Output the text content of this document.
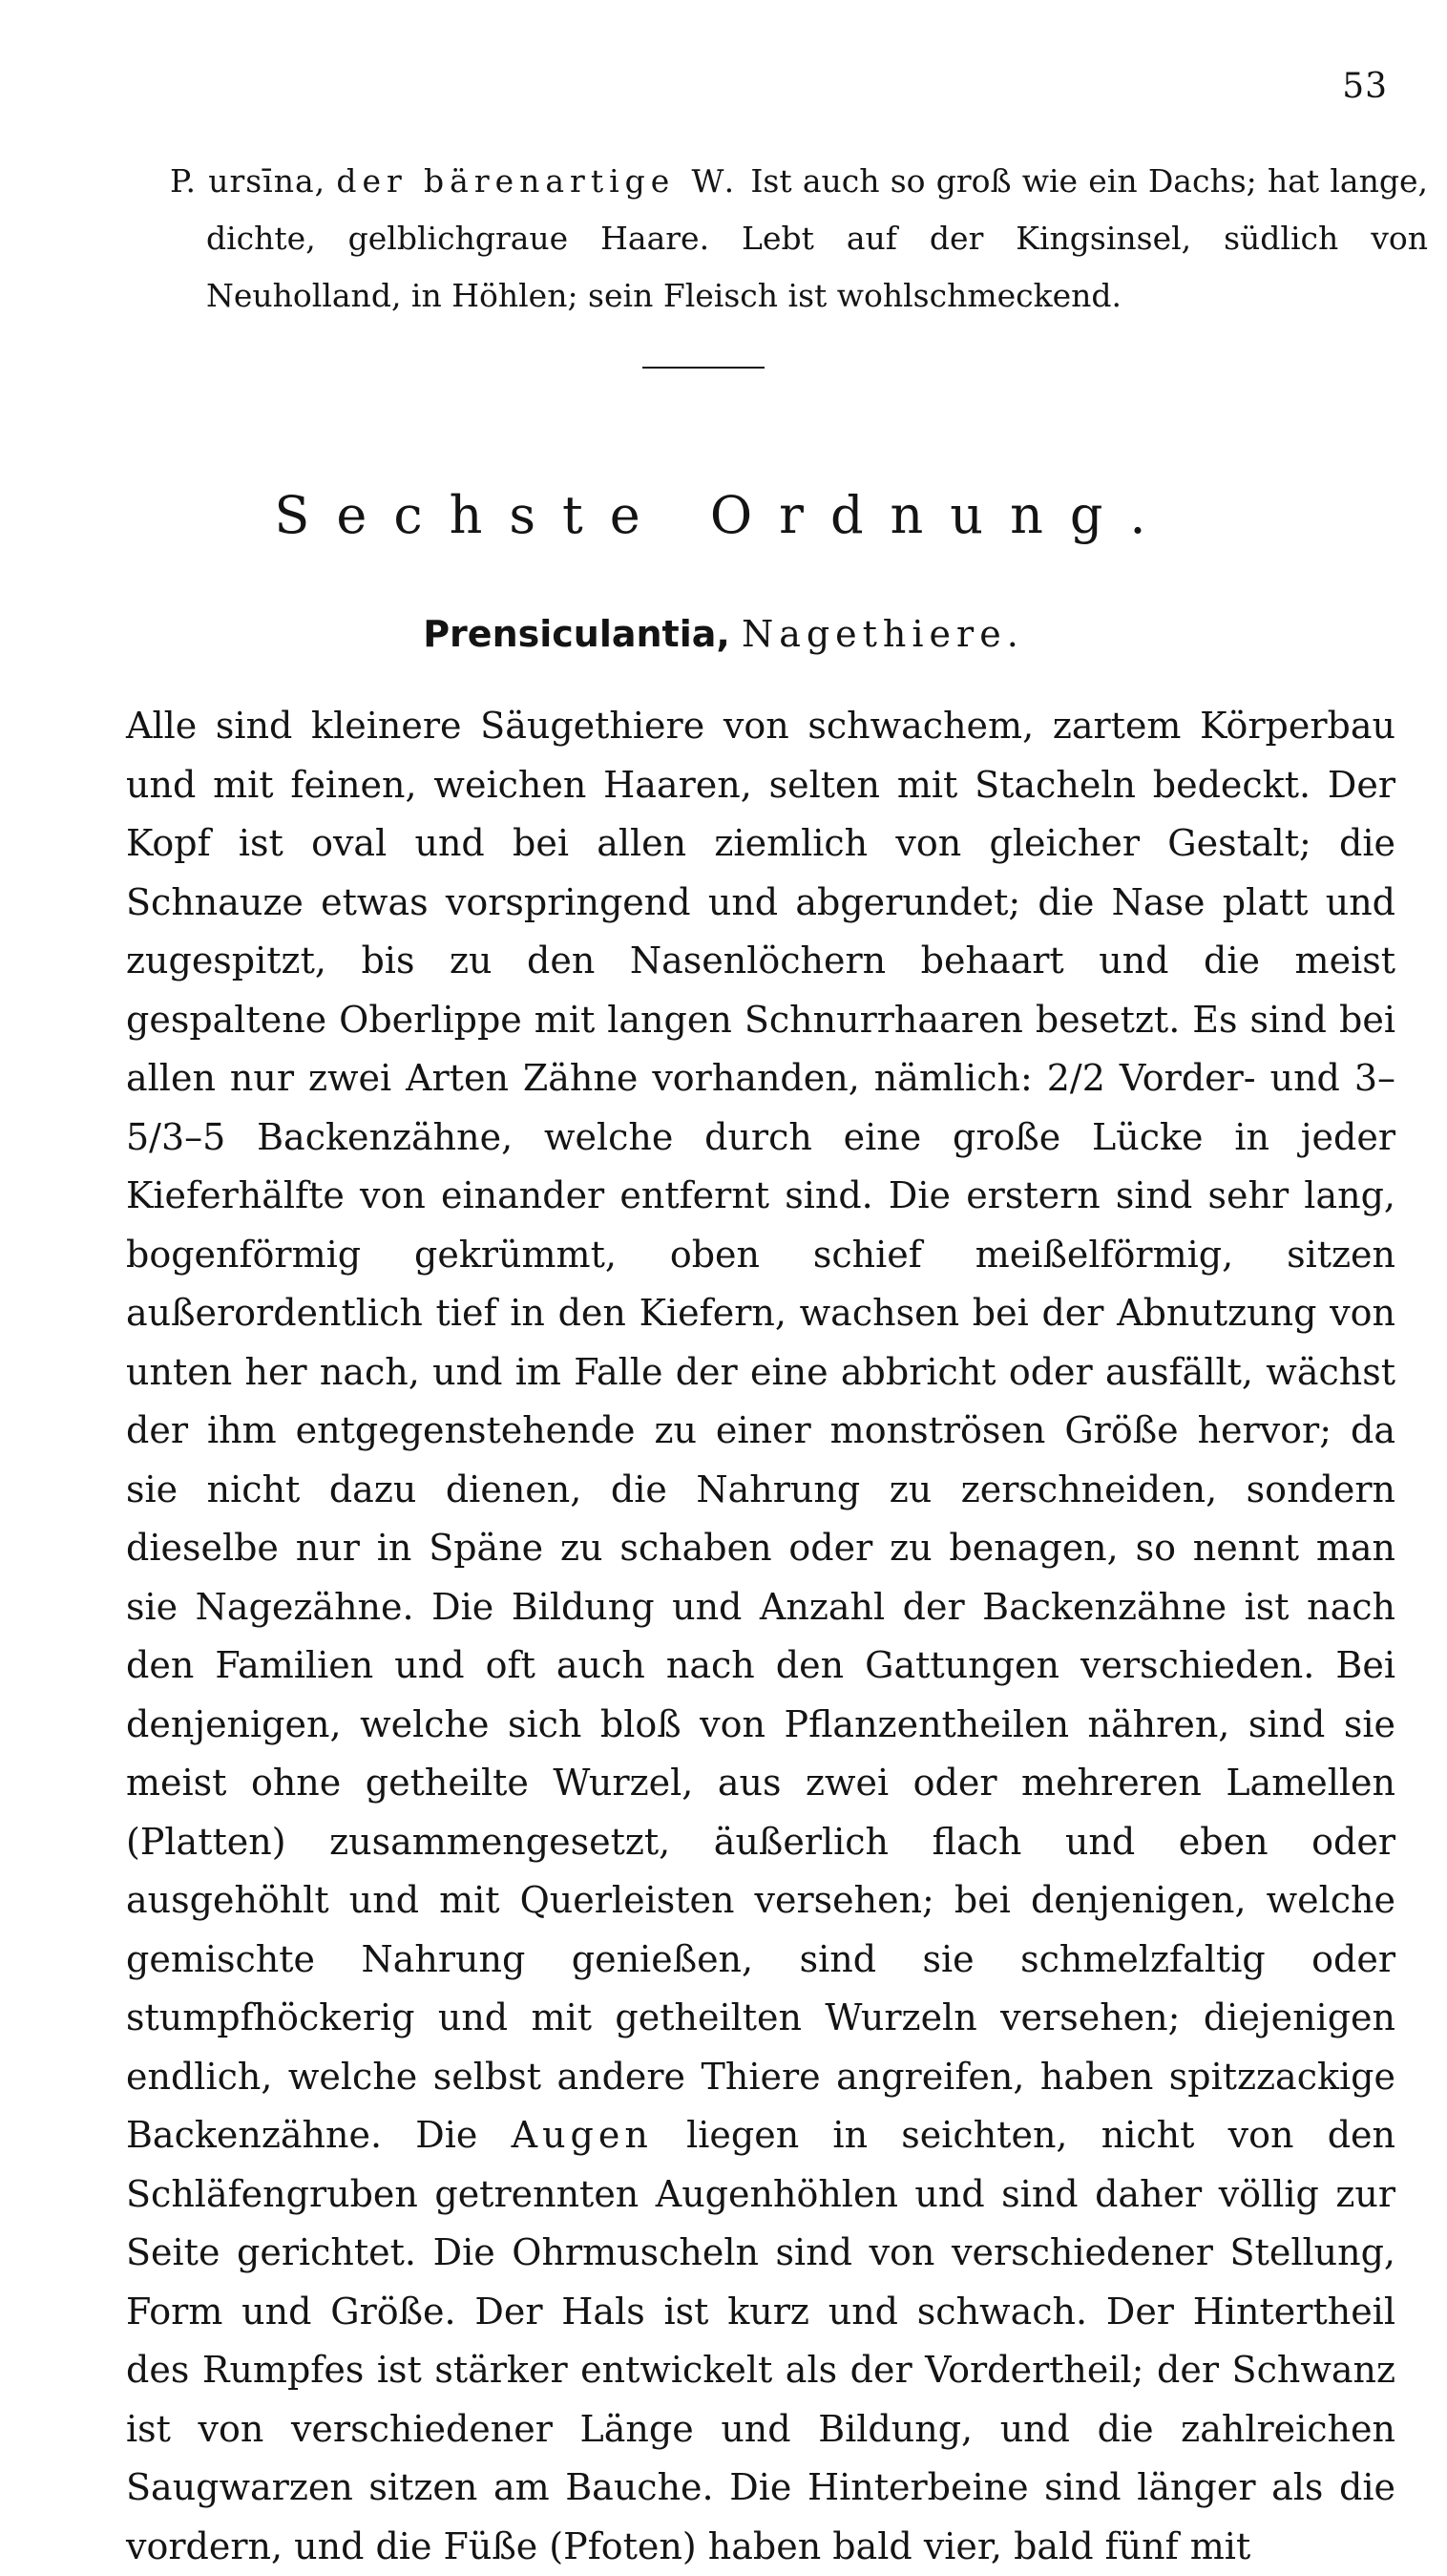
53

P. ursīna, der bärenartige W. Ist auch so groß wie ein Dachs; hat lange, dichte, gelblichgraue Haare. Lebt auf der Kingsinsel, südlich von Neuholland, in Höhlen; sein Fleisch ist wohlschmeckend.

Sechste Ordnung.
Prensiculantia, Nagethiere.

Alle sind kleinere Säugethiere von schwachem, zartem Körperbau und mit feinen, weichen Haaren, selten mit Stacheln bedeckt. Der Kopf ist oval und bei allen ziemlich von gleicher Gestalt; die Schnauze etwas vorspringend und abgerundet; die Nase platt und zugespitzt, bis zu den Nasenlöchern behaart und die meist gespaltene Oberlippe mit langen Schnurrhaaren besetzt. Es sind bei allen nur zwei Arten Zähne vorhanden, nämlich: 2/2 Vorder- und 3–5/3–5 Backenzähne, welche durch eine große Lücke in jeder Kieferhälfte von einander entfernt sind. Die erstern sind sehr lang, bogenförmig gekrümmt, oben schief meißelförmig, sitzen außerordentlich tief in den Kiefern, wachsen bei der Abnutzung von unten her nach, und im Falle der eine abbricht oder ausfällt, wächst der ihm entgegenstehende zu einer monströsen Größe hervor; da sie nicht dazu dienen, die Nahrung zu zerschneiden, sondern dieselbe nur in Späne zu schaben oder zu benagen, so nennt man sie Nagezähne. Die Bildung und Anzahl der Backenzähne ist nach den Familien und oft auch nach den Gattungen verschieden. Bei denjenigen, welche sich bloß von Pflanzentheilen nähren, sind sie meist ohne getheilte Wurzel, aus zwei oder mehreren Lamellen (Platten) zusammengesetzt, äußerlich flach und eben oder ausgehöhlt und mit Querleisten versehen; bei denjenigen, welche gemischte Nahrung genießen, sind sie schmelzfaltig oder stumpfhöckerig und mit getheilten Wurzeln versehen; diejenigen endlich, welche selbst andere Thiere angreifen, haben spitzzackige Backenzähne. Die Augen liegen in seichten, nicht von den Schläfengruben getrennten Augenhöhlen und sind daher völlig zur Seite gerichtet. Die Ohrmuscheln sind von verschiedener Stellung, Form und Größe. Der Hals ist kurz und schwach. Der Hintertheil des Rumpfes ist stärker entwickelt als der Vordertheil; der Schwanz ist von verschiedener Länge und Bildung, und die zahlreichen Saugwarzen sitzen am Bauche. Die Hinterbeine sind länger als die vordern, und die Füße (Pfoten) haben bald vier, bald fünf mit
